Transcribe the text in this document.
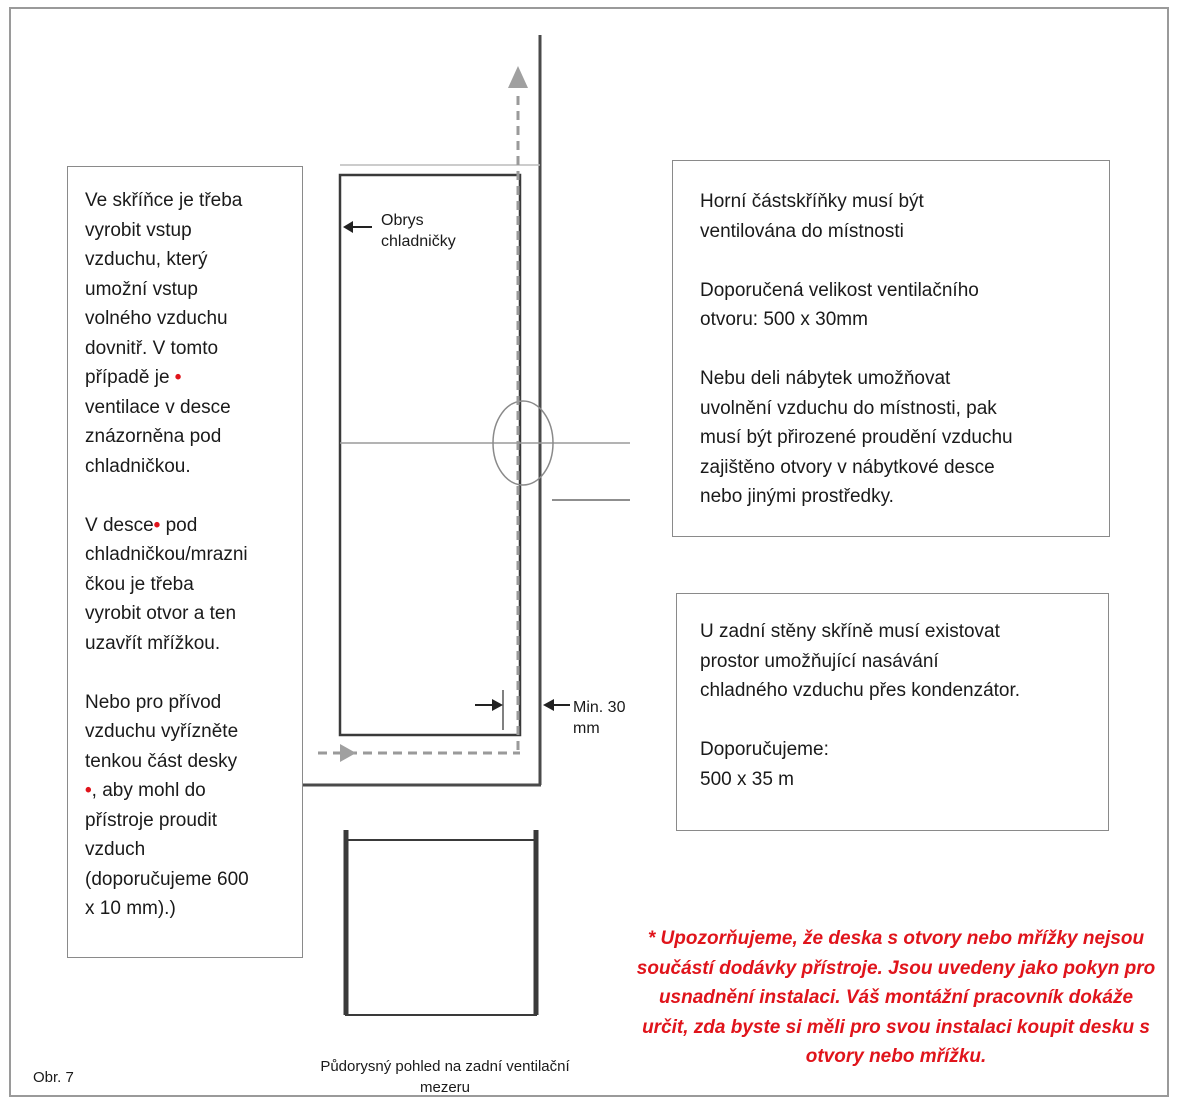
Ve skříňce je třeba
vyrobit vstup
vzduchu, který
umožní vstup
volného vzduchu
dovnitř. V tomto
případě je •
ventilace v desce
znázorněna pod
chladničkou.

V desce• pod
chladničkou/mrazni
čkou je třeba
vyrobit otvor a ten
uzavřít mřížkou.

Nebo pro přívod
vzduchu vyřízněte
tenkou část desky
•, aby mohl do
přístroje proudit
vzduch
(doporučujeme 600
x 10 mm).)
Horní částskříňky musí být
ventilována do místnosti

Doporučená velikost ventilačního
otvoru: 500 x 30mm

Nebu deli nábytek umožňovat
uvolnění vzduchu do místnosti, pak
musí být přirozené proudění vzduchu
zajištěno otvory v nábytkové desce
nebo jinými prostředky.
U zadní stěny skříně musí existovat
prostor umožňující nasávání
chladného vzduchu přes kondenzátor.

Doporučujeme:
500 x 35 m
Obrys
chladničky
Min. 30
mm
* Upozorňujeme, že deska s otvory nebo mřížky nejsou součástí dodávky přístroje. Jsou uvedeny jako pokyn pro usnadnění instalaci. Váš montážní pracovník dokáže určit, zda byste si měli pro svou instalaci koupit desku s otvory nebo mřížku.
Půdorysný pohled na zadní ventilační mezeru
Obr. 7
